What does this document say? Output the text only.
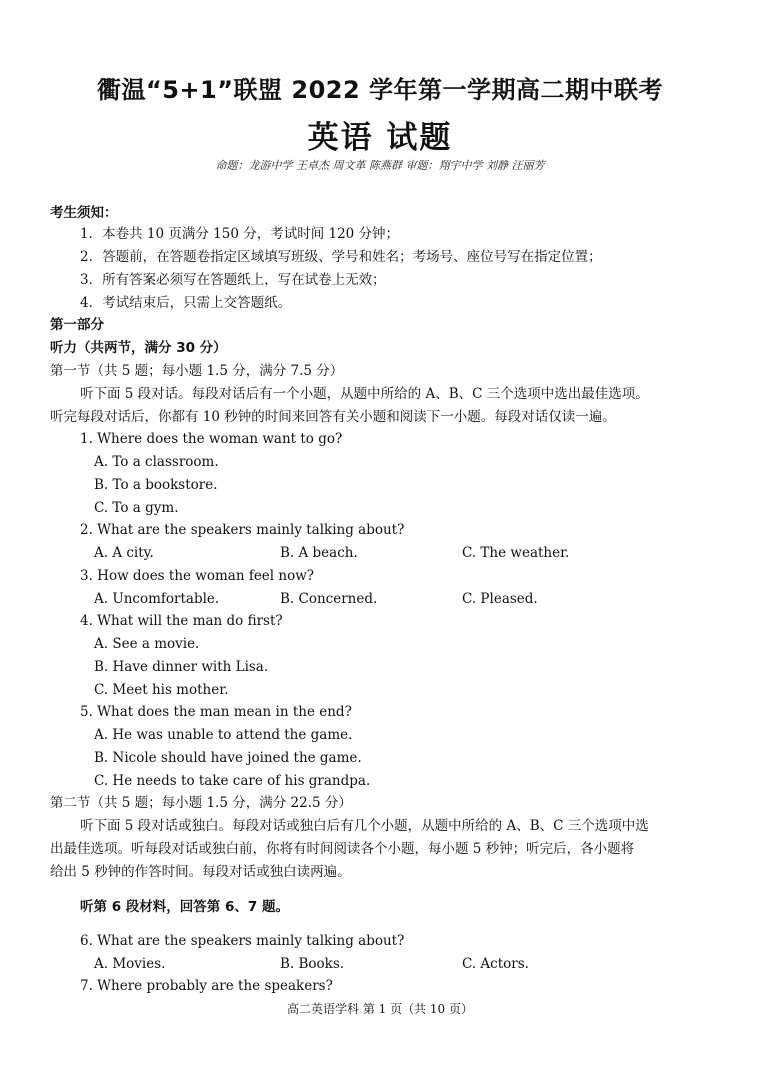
衢温“5+1”联盟 2022 学年第一学期高二期中联考
英语 试题
命题：龙游中学 王卓杰 周文革 陈燕群 审题：翔宇中学 刘静 汪丽芳
考生须知：
1．本卷共 10 页满分 150 分，考试时间 120 分钟；
2．答题前，在答题卷指定区域填写班级、学号和姓名；考场号、座位号写在指定位置；
3．所有答案必须写在答题纸上，写在试卷上无效；
4．考试结束后，只需上交答题纸。
第一部分
听力（共两节，满分 30 分）
第一节（共 5 题；每小题 1.5 分，满分 7.5 分）
听下面 5 段对话。每段对话后有一个小题，从题中所给的 A、B、C 三个选项中选出最佳选项。
听完每段对话后，你都有 10 秒钟的时间来回答有关小题和阅读下一小题。每段对话仅读一遍。
1. Where does the woman want to go?
A. To a classroom.
B. To a bookstore.
C. To a gym.
2. What are the speakers mainly talking about?
A. A city.	B. A beach.	C. The weather.
3. How does the woman feel now?
A. Uncomfortable.	B. Concerned.	C. Pleased.
4. What will the man do first?
A. See a movie.
B. Have dinner with Lisa.
C. Meet his mother.
5. What does the man mean in the end?
A. He was unable to attend the game.
B. Nicole should have joined the game.
C. He needs to take care of his grandpa.
第二节（共 5 题；每小题 1.5 分，满分 22.5 分）
听下面 5 段对话或独白。每段对话或独白后有几个小题，从题中所给的 A、B、C 三个选项中选
出最佳选项。听每段对话或独白前，你将有时间阅读各个小题，每小题 5 秒钟；听完后，各小题将
给出 5 秒钟的作答时间。每段对话或独白读两遍。
听第 6 段材料，回答第 6、7 题。
6. What are the speakers mainly talking about?
A. Movies.	B. Books.	C. Actors.
7. Where probably are the speakers?
高二英语学科 第 1 页（共 10 页）
